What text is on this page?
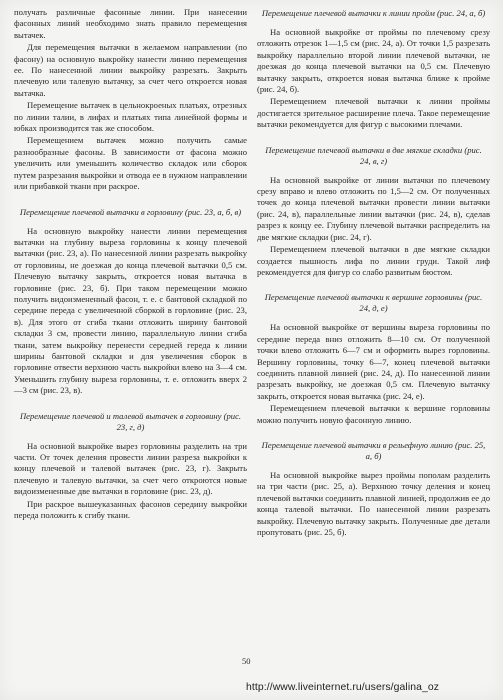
получать различные фасонные линии. При нанесении фасонных линий необходимо знать правило перемещения вытачек.

Для перемещения вытачки в желаемом направлении (по фасону) на основную выкройку нанести линию перемещения ее. По нанесенной линии выкройку разрезать. Закрыть плечевую или талевую вытачку, за счет чего откроется новая вытачка.

Перемещение вытачек в цельнокроеных платьях, отрезных по линии талии, в лифах и платьях типа линейной формы и юбках производится так же способом.

Перемещением вытачек можно получить самые разнообразные фасоны. В зависимости от фасона можно увеличить или уменьшить количество складок или сборок путем разрезания выкройки и отвода ее в нужном направлении или прибавкой ткани при раскрое.

Перемещение плечевой вытачки в горловину (рис. 23, а, б, в)

На основную выкройку нанести линии перемещения вытачки на глубину выреза горловины к концу плечевой вытачки (рис. 23, а). По нанесенной линии разрезать выкройку от горловины, не доезжая до конца плечевой вытачки 0,5 см. Плечевую вытачку закрыть, откроется новая вытачка в горловине (рис. 23, б). При таком перемещении можно получить видоизмененный фасон, т. е. с бантовой складкой по середине переда с увеличенной сборкой в горловине (рис. 23, в). Для этого от сгиба ткани отложить ширину бантовой складки 3 см, провести линию, параллельную линии сгиба ткани, затем выкройку перенести середней гереда к линии ширины бантовой складки и для увеличения сборок в горловине отвести верхнюю часть выкройки влево на 3—4 см. Уменьшить глубину выреза горловины, т. е. отложить вверх 2—3 см (рис. 23, в).

Перемещение плечевой и талевой вытачек в горловину (рис. 23, г, д)

На основной выкройке вырез горловины разделить на три части. От точек деления провести линии разреза выкройки к концу плечевой и талевой вытачек (рис. 23, г). Закрыть плечевую и талевую вытачки, за счет чего откроются новые видоизмененные две вытачки в горловине (рис. 23, д).

При раскрое вышеуказанных фасонов середину выкройки переда положить к сгибу ткани.

Перемещение плечевой вытачки к линии пройм (рис. 24, а, б)

На основной выкройке от проймы по плечевому срезу отложить отрезок 1—1,5 см (рис. 24, а). От точки 1,5 разрезать выкройку параллельно второй линии плечевой вытачки, не доезжая до конца плечевой вытачки на 0,5 см. Плечевую вытачку закрыть, откроется новая вытачка ближе к пройме (рис. 24, б).

Перемещением плечевой вытачки к линии проймы достигается зрительное расширение плеча. Такое перемещение вытачки рекомендуется для фигур с высокими плечами.

Перемещение плечевой вытачки в две мягкие складки (рис. 24, в, г)

На основной выкройке от линии вытачки по плечевому срезу вправо и влево отложить по 1,5—2 см. От полученных точек до конца плечевой вытачки провести линии вытачки (рис. 24, в), параллельные линии вытачки (рис. 24, в), сделав разрез к концу ее. Глубину плечевой вытачки распределить на две мягкие складки (рис. 24, г).

Перемещением плечевой вытачки в две мягкие складки создается пышность лифа по линии груди. Такой лиф рекомендуется для фигур со слабо развитым бюстом.

Перемещение плечевой вытачки к вершине горловины (рис. 24, д, е)

На основной выкройке от вершины выреза горловины по середине переда вниз отложить 8—10 см. От полученной точки влево отложить 6—7 см и оформить вырез горловины. Вершину горловины, точку 6—7, конец плечевой вытачки соединить плавной линией (рис. 24, д). По нанесенной линии разрезать выкройку, не доезжая 0,5 см. Плечевую вытачку закрыть, откроется новая вытачка (рис. 24, е).

Перемещением плечевой вытачки к вершине горловины можно получить новую фасонную линию.

Перемещение плечевой вытачки в рельефную линию (рис. 25, а, б)

На основной выкройке вырез проймы пополам разделить на три части (рис. 25, а). Верхнюю точку деления и конец плечевой вытачки соединить плавной линией, продолжив ее до конца талевой вытачки. По нанесенной линии разрезать выкройку. Плечевую вытачку закрыть. Полученные две детали пропутовать (рис. 25, б).

50
http://www.liveinternet.ru/users/galina_oz
